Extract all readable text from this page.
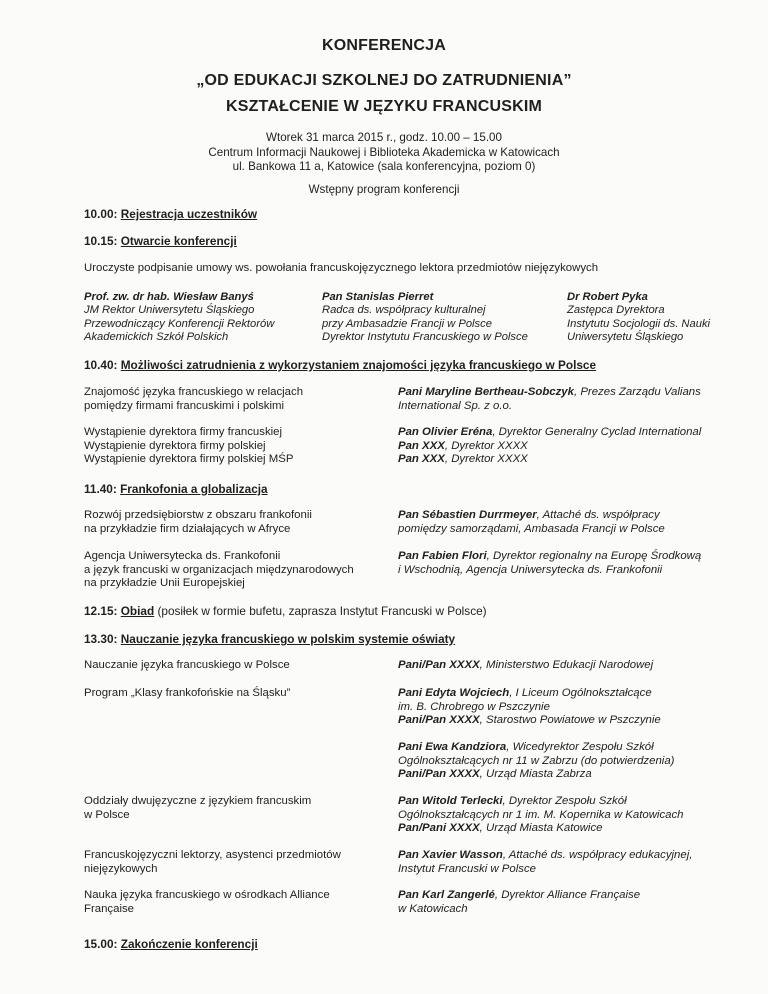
KONFERENCJA
„OD EDUKACJI SZKOLNEJ DO ZATRUDNIENIA”
KSZTAŁCENIE W JĘZYKU FRANCUSKIM
Wtorek 31 marca 2015 r., godz. 10.00 – 15.00
Centrum Informacji Naukowej i Biblioteka Akademicka w Katowicach
ul. Bankowa 11 a, Katowice (sala konferencyjna, poziom 0)
Wstępny program konferencji
10.00: Rejestracja uczestników
10.15: Otwarcie konferencji
Uroczyste podpisanie umowy ws. powołania francuskojęzycznego lektora przedmiotów niejęzykowych
Prof. zw. dr hab. Wiesław Banyś
JM Rektor Uniwersytetu Śląskiego
Przewodniczący Konferencji Rektorów
Akademickich Szkół Polskich
Pan Stanislas Pierret
Radca ds. współpracy kulturalnej
przy Ambasadzie Francji w Polsce
Dyrektor Instytutu Francuskiego w Polsce
Dr Robert Pyka
Zastępca Dyrektora
Instytutu Socjologii ds. Nauki
Uniwersytetu Śląskiego
10.40: Możliwości zatrudnienia z wykorzystaniem znajomości języka francuskiego w Polsce
Znajomość języka francuskiego w relacjach
pomiędzy firmami francuskimi i polskimi
Pani Maryline Bertheau-Sobczyk, Prezes Zarządu Valians
International Sp. z o.o.
Wystąpienie dyrektora firmy francuskiej
Wystąpienie dyrektora firmy polskiej
Wystąpienie dyrektora firmy polskiej MŚP
Pan Olivier Eréna, Dyrektor Generalny Cyclad International
Pan XXX, Dyrektor XXXX
Pan XXX, Dyrektor XXXX
11.40: Frankofonia a globalizacja
Rozwój przedsiębiorstw z obszaru frankofonii
na przykładzie firm działających w Afryce
Pan Sébastien Durrmeyer, Attaché ds. współpracy
pomiędzy samorządami, Ambasada Francji w Polsce
Agencja Uniwersytecka ds. Frankofonii
a język francuski w organizacjach międzynarodowych
na przykładzie Unii Europejskiej
Pan Fabien Flori, Dyrektor regionalny na Europę Środkową
i Wschodnią, Agencja Uniwersytecka ds. Frankofonii
12.15: Obiad (posiłek w formie bufetu, zaprasza Instytut Francuski w Polsce)
13.30: Nauczanie języka francuskiego w polskim systemie oświaty
Nauczanie języka francuskiego w Polsce	Pani/Pan XXXX, Ministerstwo Edukacji Narodowej
Program „Klasy frankofońskie na Śląsku”	Pani Edyta Wojciech, I Liceum Ogólnokształcące
im. B. Chrobrego w Pszczynie
Pani/Pan XXXX, Starostwo Powiatowe w Pszczynie
Pani Ewa Kandziora, Wicedyrektor Zespołu Szkół
Ogólnokształcących nr 11 w Zabrzu (do potwierdzenia)
Pani/Pan XXXX, Urząd Miasta Zabrza
Oddziały dwujęzyczne z językiem francuskim
w Polsce
Pan Witold Terlecki, Dyrektor Zespołu Szkół
Ogólnokształcących nr 1 im. M. Kopernika w Katowicach
Pan/Pani XXXX, Urząd Miasta Katowice
Francuskojęzyczni lektorzy, asystenci przedmiotów
niejęzykowych
Pan Xavier Wasson, Attaché ds. współpracy edukacyjnej,
Instytut Francuski w Polsce
Nauka języka francuskiego w ośrodkach Alliance
Française
Pan Karl Zangerlé, Dyrektor Alliance Française
w Katowicach
15.00: Zakończenie konferencji
